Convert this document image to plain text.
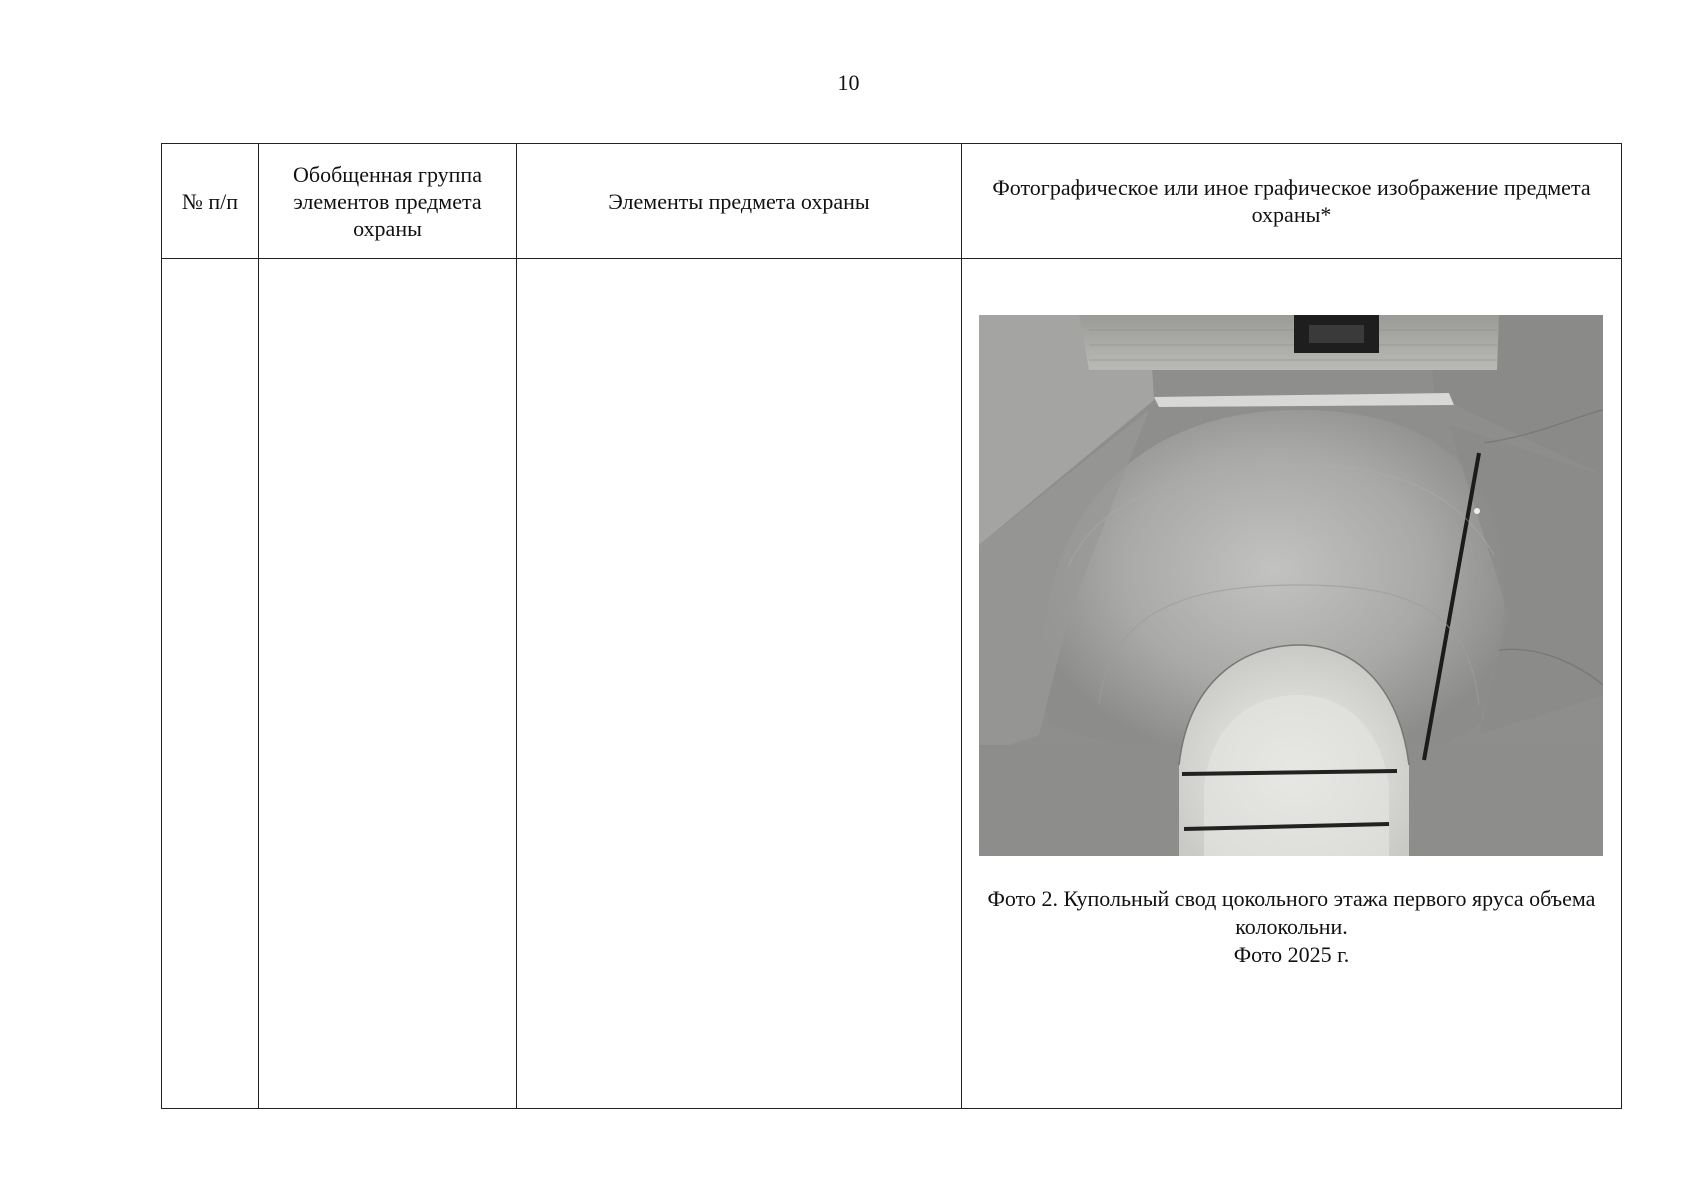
10
№ п/п	Обобщенная группа элементов предмета охраны	Элементы предмета охраны	Фотографическое или иное графическое изображение предмета охраны*

			Фото 2. Купольный свод цокольного этажа первого яруса объема колокольни.
Фото 2025 г.
